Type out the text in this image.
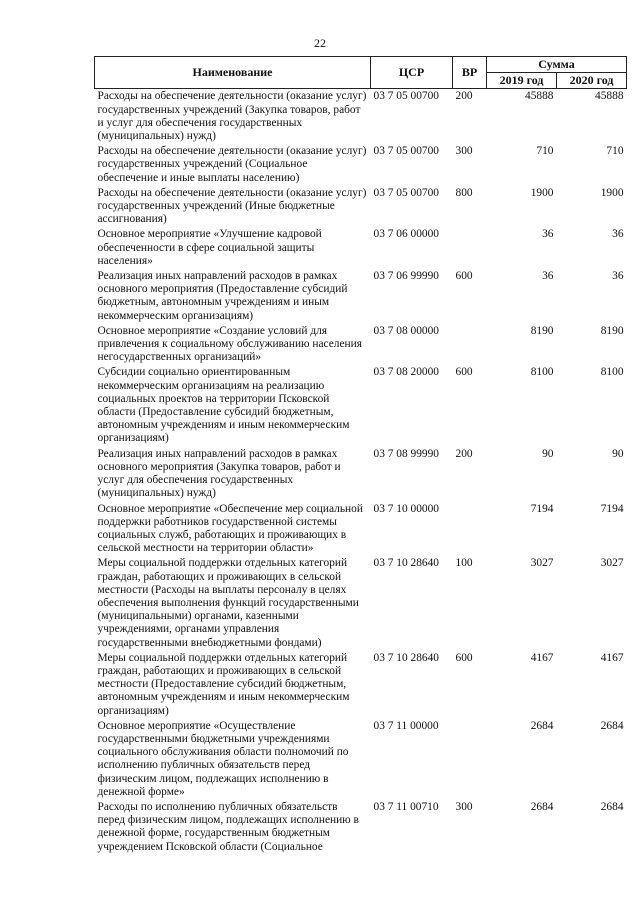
22
Наименование	ЦСР	ВР	Сумма	
			2019 год	2020 год
Расходы на обеспечение деятельности (оказание услуг) государственных учреждений (Закупка товаров, работ и услуг для обеспечения государственных (муниципальных) нужд)	03 7 05 00700	200	45888	45888
Расходы на обеспечение деятельности (оказание услуг) государственных учреждений (Социальное обеспечение и иные выплаты населению)	03 7 05 00700	300	710	710
Расходы на обеспечение деятельности (оказание услуг) государственных учреждений (Иные бюджетные ассигнования)	03 7 05 00700	800	1900	1900
Основное мероприятие «Улучшение кадровой обеспеченности в сфере социальной защиты населения»	03 7 06 00000		36	36
Реализация иных направлений расходов в рамках основного мероприятия (Предоставление субсидий бюджетным, автономным учреждениям и иным некоммерческим организациям)	03 7 06 99990	600	36	36
Основное мероприятие «Создание условий для привлечения к социальному обслуживанию населения негосударственных организаций»	03 7 08 00000		8190	8190
Субсидии социально ориентированным некоммерческим организациям на реализацию социальных проектов на территории Псковской области (Предоставление субсидий бюджетным, автономным учреждениям и иным некоммерческим организациям)	03 7 08 20000	600	8100	8100
Реализация иных направлений расходов в рамках основного мероприятия (Закупка товаров, работ и услуг для обеспечения государственных (муниципальных) нужд)	03 7 08 99990	200	90	90
Основное мероприятие «Обеспечение мер социальной поддержки работников государственной системы социальных служб, работающих и проживающих в сельской местности на территории области»	03 7 10 00000		7194	7194
Меры социальной поддержки отдельных категорий граждан, работающих и проживающих в сельской местности (Расходы на выплаты персоналу в целях обеспечения выполнения функций государственными (муниципальными) органами, казенными учреждениями, органами управления государственными внебюджетными фондами)	03 7 10 28640	100	3027	3027
Меры социальной поддержки отдельных категорий граждан, работающих и проживающих в сельской местности (Предоставление субсидий бюджетным, автономным учреждениям и иным некоммерческим организациям)	03 7 10 28640	600	4167	4167
Основное мероприятие «Осуществление государственными бюджетными учреждениями социального обслуживания области полномочий по исполнению публичных обязательств перед физическим лицом, подлежащих исполнению в денежной форме»	03 7 11 00000		2684	2684
Расходы по исполнению публичных обязательств перед физическим лицом, подлежащих исполнению в денежной форме, государственным бюджетным учреждением Псковской области (Социальное	03 7 11 00710	300	2684	2684
